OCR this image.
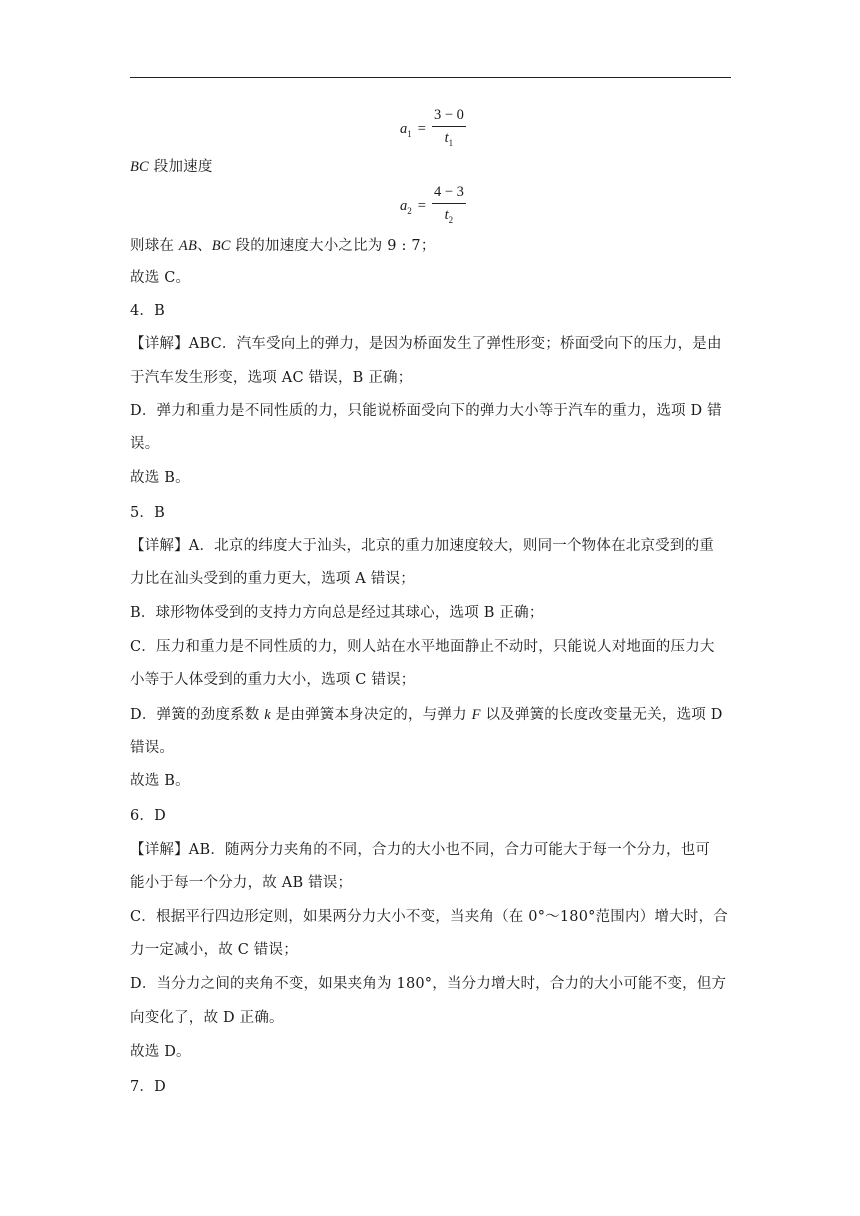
$a_1 = \frac{3 - 0}{t_1}$
BC 段加速度
$a_2 = \frac{4 - 3}{t_2}$
则球在 AB、BC 段的加速度大小之比为 9 : 7；
故选 C。
4．B
【详解】ABC．汽车受向上的弹力，是因为桥面发生了弹性形变；桥面受向下的压力，是由
于汽车发生形变，选项 AC 错误，B 正确；
D．弹力和重力是不同性质的力，只能说桥面受向下的弹力大小等于汽车的重力，选项 D 错
误。
故选 B。
5．B
【详解】A．北京的纬度大于汕头，北京的重力加速度较大，则同一个物体在北京受到的重
力比在汕头受到的重力更大，选项 A 错误；
B．球形物体受到的支持力方向总是经过其球心，选项 B 正确；
C．压力和重力是不同性质的力，则人站在水平地面静止不动时，只能说人对地面的压力大
小等于人体受到的重力大小，选项 C 错误；
D．弹簧的劲度系数 k 是由弹簧本身决定的，与弹力 F 以及弹簧的长度改变量无关，选项 D
错误。
故选 B。
6．D
【详解】AB．随两分力夹角的不同，合力的大小也不同，合力可能大于每一个分力，也可
能小于每一个分力，故 AB 错误；
C．根据平行四边形定则，如果两分力大小不变，当夹角（在 0°～180°范围内）增大时，合
力一定减小，故 C 错误；
D．当分力之间的夹角不变，如果夹角为 180°，当分力增大时，合力的大小可能不变，但方
向变化了，故 D 正确。
故选 D。
7．D
